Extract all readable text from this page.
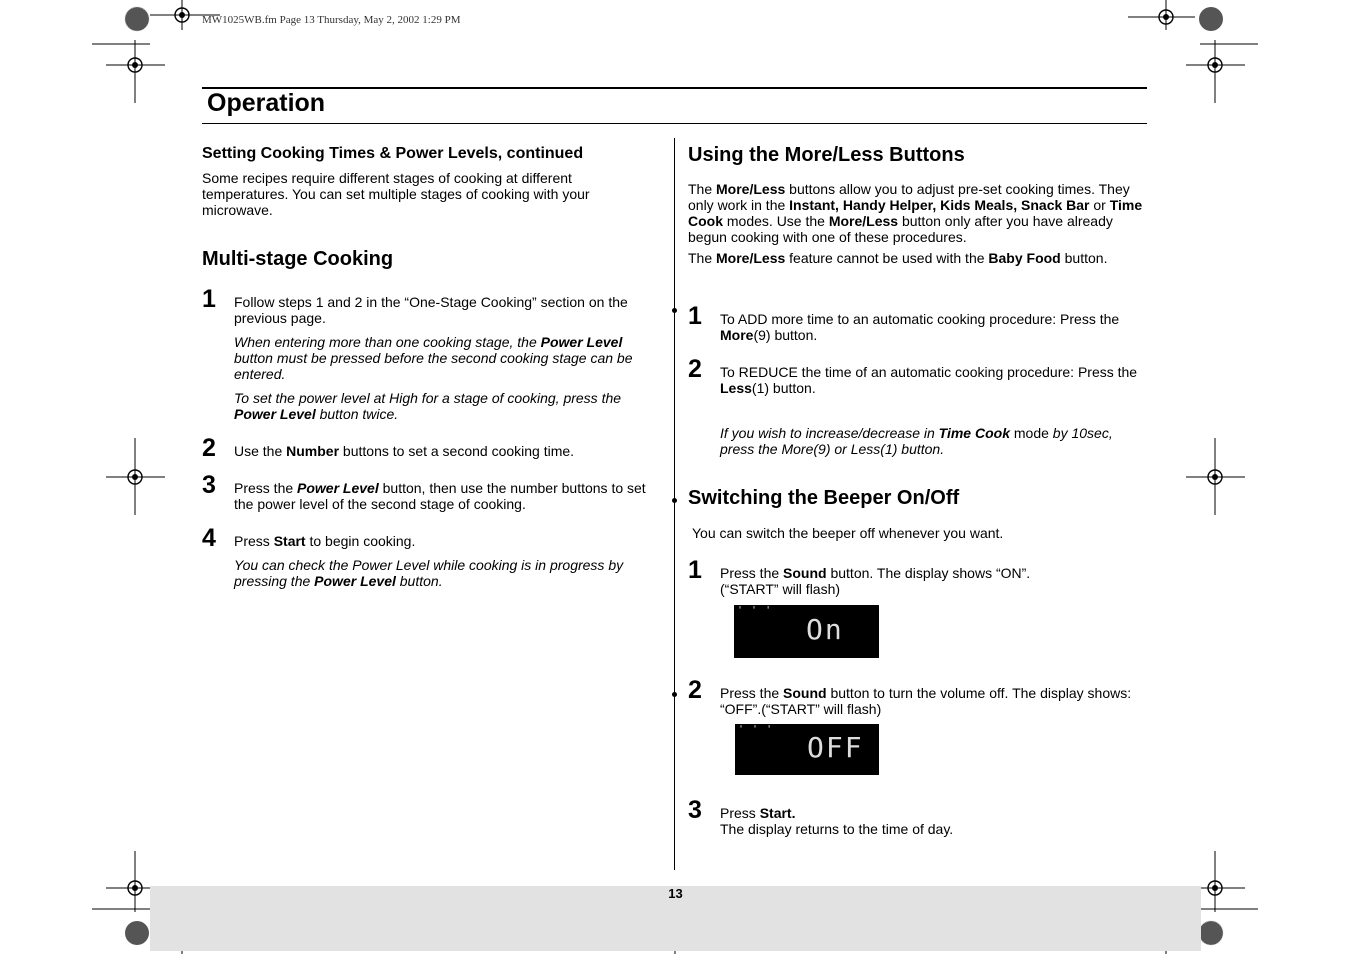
13
MW1025WB.fm Page 13 Thursday, May 2, 2002 1:29 PM
Operation
Setting Cooking Times & Power Levels, continued
Some recipes require different stages of cooking at different temperatures. You can set multiple stages of cooking with your microwave.
Multi-stage Cooking
1 Follow steps 1 and 2 in the “One-Stage Cooking” section on the previous page.
When entering more than one cooking stage, the Power Level button must be pressed before the second cooking stage can be entered.
To set the power level at High for a stage of cooking, press the Power Level button twice.
2 Use the Number buttons to set a second cooking time.
3 Press the Power Level button, then use the number buttons to set the power level of the second stage of cooking.
4 Press Start to begin cooking.
You can check the Power Level while cooking is in progress by pressing the Power Level button.
Using the More/Less Buttons
The More/Less buttons allow you to adjust pre-set cooking times. They only work in the Instant, Handy Helper, Kids Meals, Snack Bar or Time Cook modes. Use the More/Less button only after you have already begun cooking with one of these procedures.
The More/Less feature cannot be used with the Baby Food button.
1 To ADD more time to an automatic cooking procedure: Press the More(9) button.
2 To REDUCE the time of an automatic cooking procedure: Press the Less(1) button.
If you wish to increase/decrease in Time Cook mode by 10sec, press the More(9) or Less(1) button.
Switching the Beeper On/Off
You can switch the beeper off whenever you want.
1 Press the Sound button. The display shows “ON”.
(“START” will flash)
' ' '
On
2 Press the Sound button to turn the volume off. The display shows: “OFF”.(“START” will flash)
' ' '
OFF
3 Press Start.
The display returns to the time of day.
